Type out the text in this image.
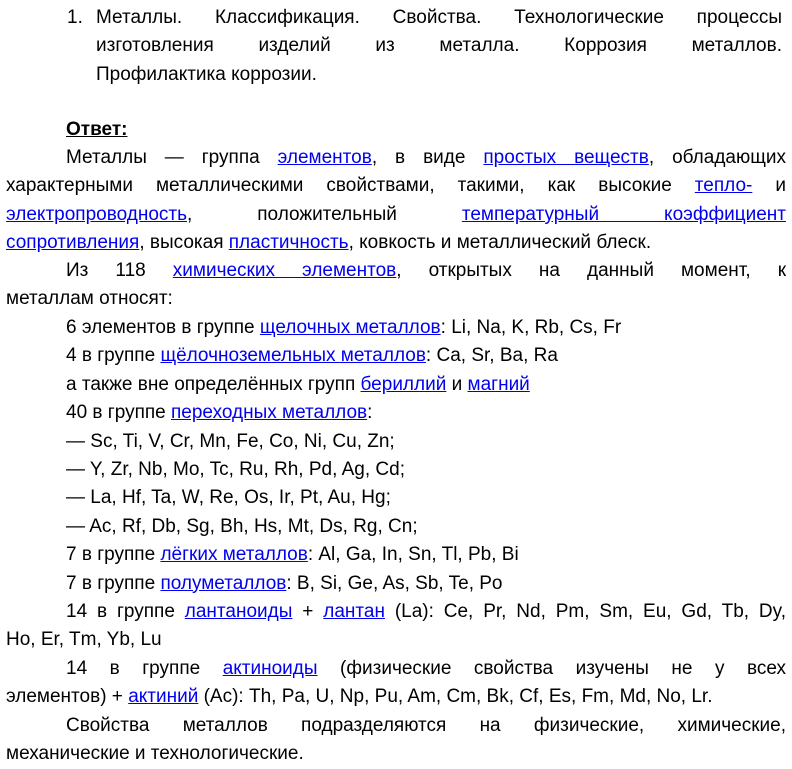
1. Металлы. Классификация. Свойства. Технологические процессы
изготовления изделий из металла. Коррозия металлов.
Профилактика коррозии.
Ответ:
Металлы — группа элементов, в виде простых веществ, обладающих
характерными металлическими свойствами, такими, как высокие тепло- и
электропроводность, положительный температурный коэффициент
сопротивления, высокая пластичность, ковкость и металлический блеск.
Из 118 химических элементов, открытых на данный момент, к
металлам относят:
6 элементов в группе щелочных металлов: Li, Na, K, Rb, Cs, Fr
4 в группе щёлочноземельных металлов: Ca, Sr, Ba, Ra
а также вне определённых групп бериллий и магний
40 в группе переходных металлов:
— Sc, Ti, V, Cr, Mn, Fe, Co, Ni, Cu, Zn;
— Y, Zr, Nb, Mo, Tc, Ru, Rh, Pd, Ag, Cd;
— La, Hf, Ta, W, Re, Os, Ir, Pt, Au, Hg;
— Ac, Rf, Db, Sg, Bh, Hs, Mt, Ds, Rg, Cn;
7 в группе лёгких металлов: Al, Ga, In, Sn, Tl, Pb, Bi
7 в группе полуметаллов: B, Si, Ge, As, Sb, Te, Po
14 в группе лантаноиды + лантан (La): Ce, Pr, Nd, Pm, Sm, Eu, Gd, Tb, Dy,
Ho, Er, Tm, Yb, Lu
14 в группе актиноиды (физические свойства изучены не у всех
элементов) + актиний (Ac): Th, Pa, U, Np, Pu, Am, Cm, Bk, Cf, Es, Fm, Md, No, Lr.
Свойства металлов подразделяются на физические, химические,
механические и технологические.
